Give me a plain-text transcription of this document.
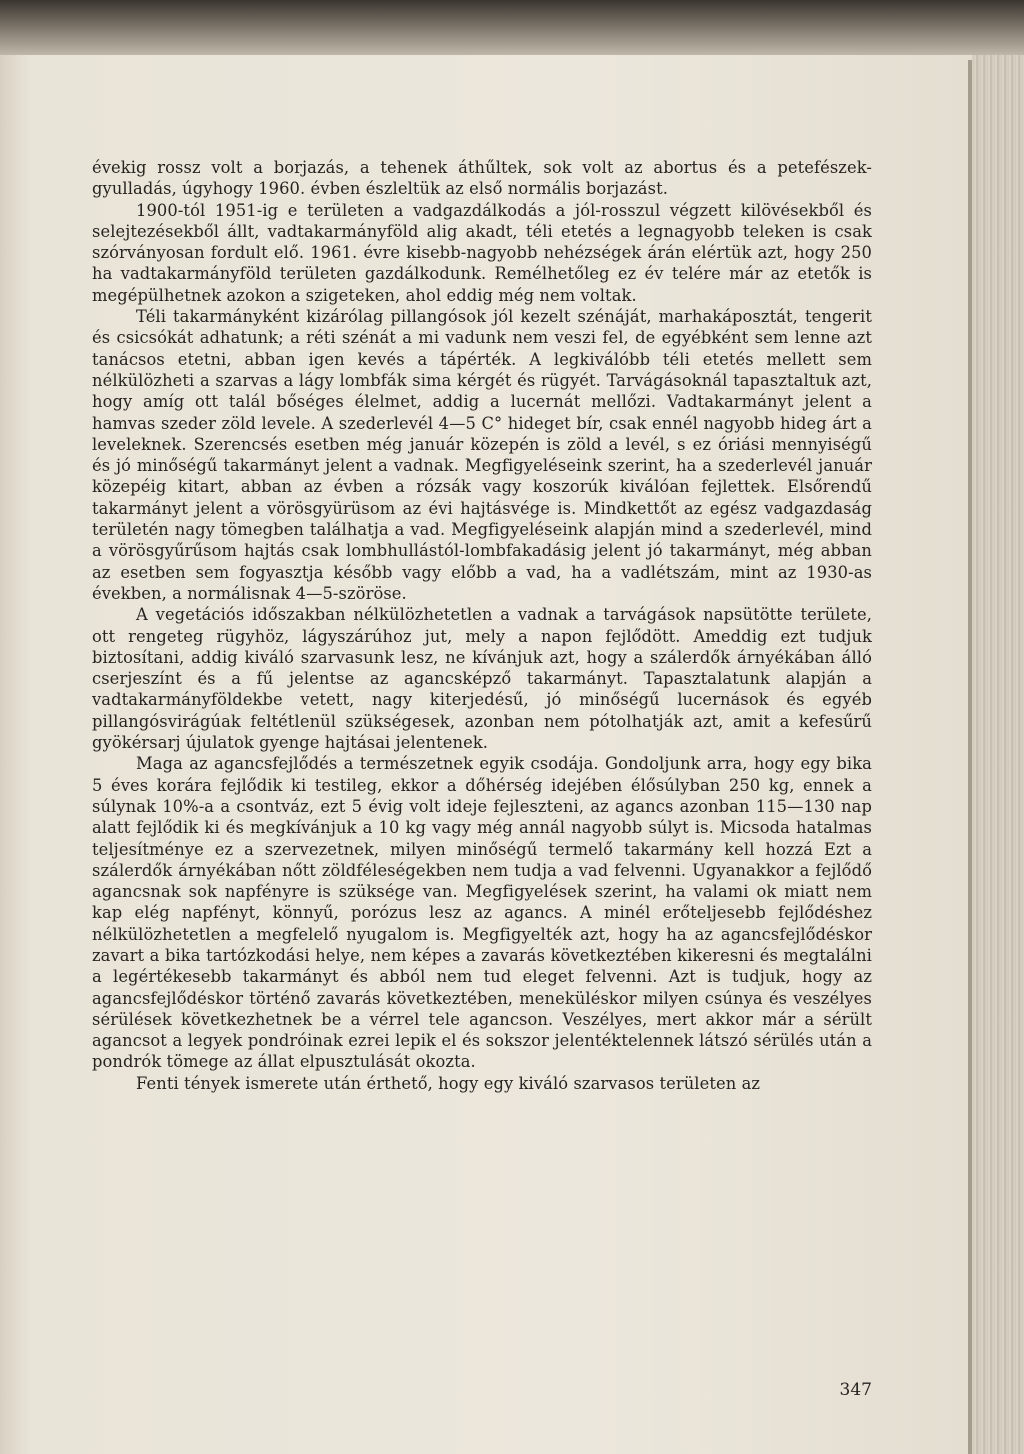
évekig rossz volt a borjazás, a tehenek áthűltek, sok volt az abortus és a petefészek-gyulladás, úgyhogy 1960. évben észleltük az első normális borjazást.

1900-tól 1951-ig e területen a vadgazdálkodás a jól-rosszul végzett kilövésekből és selejtezésekből állt, vadtakarmányföld alig akadt, téli etetés a legnagyobb teleken is csak szórványosan fordult elő. 1961. évre kisebb-nagyobb nehézségek árán elértük azt, hogy 250 ha vadtakarmányföld területen gazdálkodunk. Remélhetőleg ez év telére már az etetők is megépülhetnek azokon a szigeteken, ahol eddig még nem voltak.

Téli takarmányként kizárólag pillangósok jól kezelt szénáját, marhakáposztát, tengerit és csicsókát adhatunk; a réti szénát a mi vadunk nem veszi fel, de egyébként sem lenne azt tanácsos etetni, abban igen kevés a tápérték. A legkiválóbb téli etetés mellett sem nélkülözheti a szarvas a lágy lombfák sima kérgét és rügyét. Tarvágásoknál tapasztaltuk azt, hogy amíg ott talál bőséges élelmet, addig a lucernát mellőzi. Vadtakarmányt jelent a hamvas szeder zöld levele. A szederlevél 4—5 C° hideget bír, csak ennél nagyobb hideg árt a leveleknek. Szerencsés esetben még január közepén is zöld a levél, s ez óriási mennyiségű és jó minőségű takarmányt jelent a vadnak. Megfigyeléseink szerint, ha a szederlevél január közepéig kitart, abban az évben a rózsák vagy koszorúk kiválóan fejlettek. Elsőrendű takarmányt jelent a vörösgyürüsom az évi hajtásvége is. Mindkettőt az egész vadgazdaság területén nagy tömegben találhatja a vad. Megfigyeléseink alapján mind a szederlevél, mind a vörösgyűrűsom hajtás csak lombhullástól-lombfakadásig jelent jó takarmányt, még abban az esetben sem fogyasztja később vagy előbb a vad, ha a vadlétszám, mint az 1930-as években, a normálisnak 4—5-szöröse.

A vegetációs időszakban nélkülözhetetlen a vadnak a tarvágások napsütötte területe, ott rengeteg rügyhöz, lágyszárúhoz jut, mely a napon fejlődött. Ameddig ezt tudjuk biztosítani, addig kiváló szarvasunk lesz, ne kívánjuk azt, hogy a szálerdők árnyékában álló cserjeszínt és a fű jelentse az agancsképző takarmányt. Tapasztalatunk alapján a vadtakarmányföldekbe vetett, nagy kiterjedésű, jó minőségű lucernások és egyéb pillangósvirágúak feltétlenül szükségesek, azonban nem pótolhatják azt, amit a kefesűrű gyökérsarj újulatok gyenge hajtásai jelentenek.

Maga az agancsfejlődés a természetnek egyik csodája. Gondoljunk arra, hogy egy bika 5 éves korára fejlődik ki testileg, ekkor a dőhérség idejében élősúlyban 250 kg, ennek a súlynak 10%-a a csontváz, ezt 5 évig volt ideje fejleszteni, az agancs azonban 115—130 nap alatt fejlődik ki és megkívánjuk a 10 kg vagy még annál nagyobb súlyt is. Micsoda hatalmas teljesítménye ez a szervezetnek, milyen minőségű termelő takarmány kell hozzá Ezt a szálerdők árnyékában nőtt zöldféleségekben nem tudja a vad felvenni. Ugyanakkor a fejlődő agancsnak sok napfényre is szüksége van. Megfigyelések szerint, ha valami ok miatt nem kap elég napfényt, könnyű, porózus lesz az agancs. A minél erőteljesebb fejlődéshez nélkülözhetetlen a megfelelő nyugalom is. Megfigyelték azt, hogy ha az agancsfejlődéskor zavart a bika tartózkodási helye, nem képes a zavarás következtében kikeresni és megtalálni a legértékesebb takarmányt és abból nem tud eleget felvenni. Azt is tudjuk, hogy az agancsfejlődéskor történő zavarás következtében, meneküléskor milyen csúnya és veszélyes sérülések következhetnek be a vérrel tele agancson. Veszélyes, mert akkor már a sérült agancsot a legyek pondróinak ezrei lepik el és sokszor jelentéktelennek látszó sérülés után a pondrók tömege az állat elpusztulását okozta.

Fenti tények ismerete után érthető, hogy egy kiváló szarvasos területen az

347
